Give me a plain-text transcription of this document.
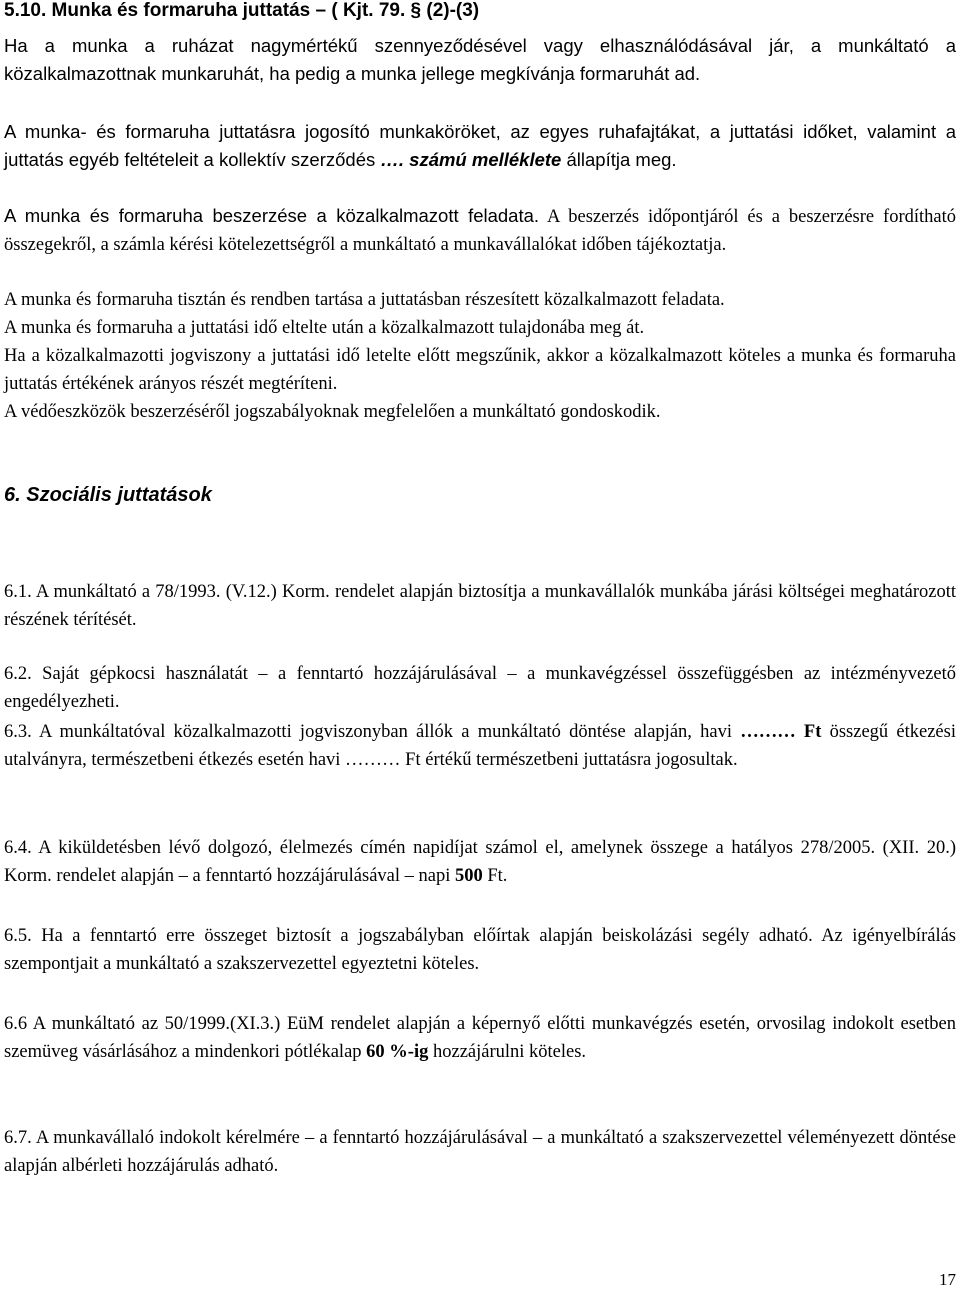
5.10. Munka és formaruha juttatás – ( Kjt. 79. § (2)-(3)

Ha a munka a ruházat nagymértékű szennyeződésével vagy elhasználódásával jár, a munkáltató a közalkalmazottnak munkaruhát, ha pedig a munka jellege megkívánja formaruhát ad.

A munka- és formaruha juttatásra jogosító munkaköröket, az egyes ruhafajtákat, a juttatási időket, valamint a juttatás egyéb feltételeit a kollektív szerződés …. számú melléklete állapítja meg.

A munka és formaruha beszerzése a közalkalmazott feladata. A beszerzés időpontjáról és a beszerzésre fordítható összegekről, a számla kérési kötelezettségről a munkáltató a munkavállalókat időben tájékoztatja.

A munka és formaruha tisztán és rendben tartása a juttatásban részesített közalkalmazott feladata.

A munka és formaruha a juttatási idő eltelte után a közalkalmazott tulajdonába meg át.

Ha a közalkalmazotti jogviszony a juttatási idő letelte előtt megszűnik, akkor a közalkalmazott köteles a munka és formaruha juttatás értékének arányos részét megtéríteni.

A védőeszközök beszerzéséről jogszabályoknak megfelelően a munkáltató gondoskodik.

6. Szociális juttatások

6.1. A munkáltató a 78/1993. (V.12.) Korm. rendelet alapján biztosítja a munkavállalók munkába járási költségei meghatározott részének térítését.

6.2. Saját gépkocsi használatát – a fenntartó hozzájárulásával – a munkavégzéssel összefüggésben az intézményvezető engedélyezheti.

6.3. A munkáltatóval közalkalmazotti jogviszonyban állók a munkáltató döntése alapján, havi ……… Ft összegű étkezési utalványra, természetbeni étkezés esetén havi ……… Ft értékű természetbeni juttatásra jogosultak.

6.4. A kiküldetésben lévő dolgozó, élelmezés címén napidíjat számol el, amelynek összege a hatályos 278/2005. (XII. 20.) Korm. rendelet alapján – a fenntartó hozzájárulásával – napi 500 Ft.

6.5. Ha a fenntartó erre összeget biztosít a jogszabályban előírtak alapján beiskolázási segély adható. Az igényelbírálás szempontjait a munkáltató a szakszervezettel egyeztetni köteles.

6.6 A munkáltató az 50/1999.(XI.3.) EüM rendelet alapján a képernyő előtti munkavégzés esetén, orvosilag indokolt esetben szemüveg vásárlásához a mindenkori pótlékalap 60 %-ig hozzájárulni köteles.

6.7. A munkavállaló indokolt kérelmére – a fenntartó hozzájárulásával – a munkáltató a szakszervezettel véleményezett döntése alapján albérleti hozzájárulás adható.

17
